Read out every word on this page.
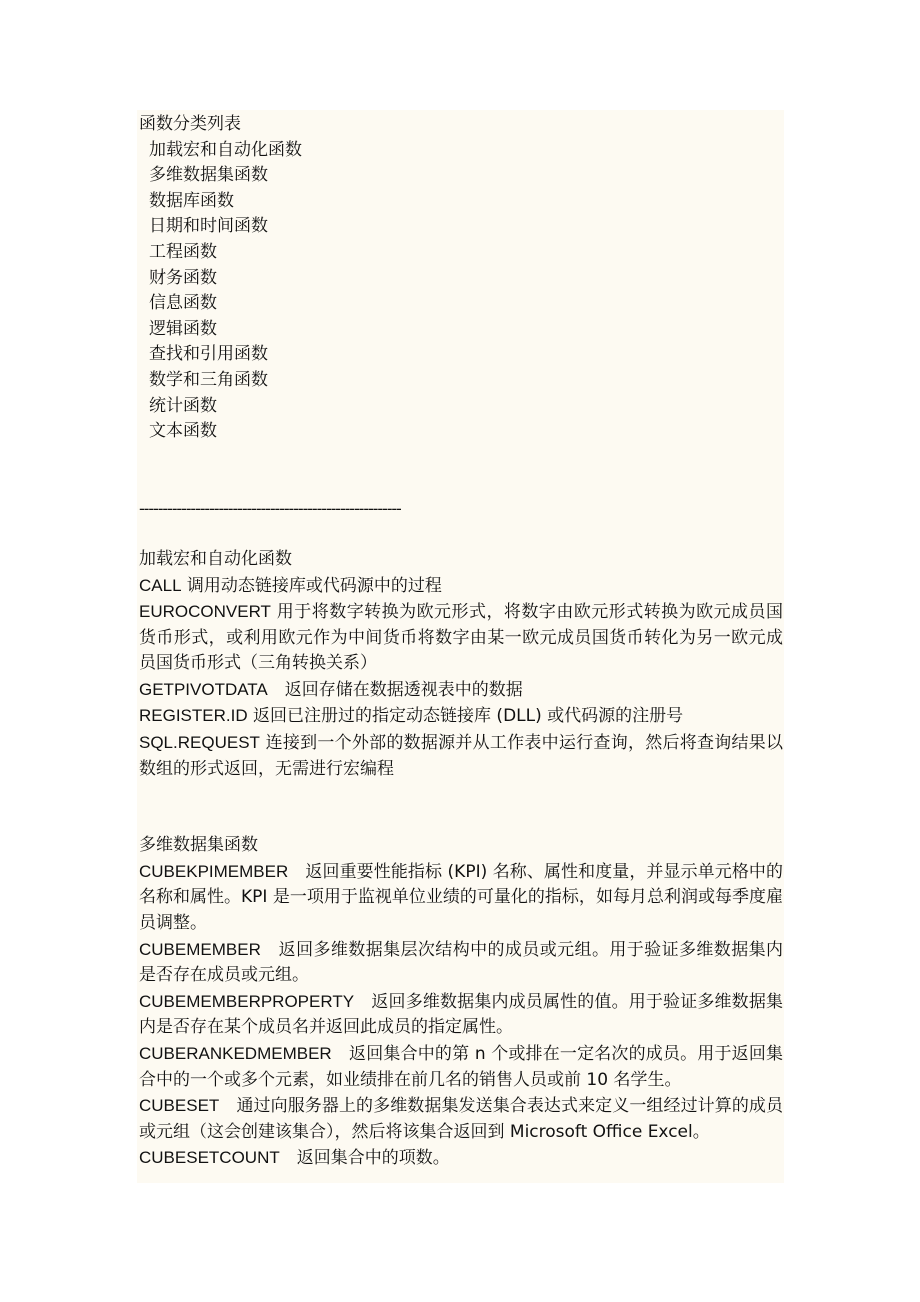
函数分类列表
加载宏和自动化函数
多维数据集函数
数据库函数
日期和时间函数
工程函数
财务函数
信息函数
逻辑函数
查找和引用函数
数学和三角函数
统计函数
文本函数
--------------------------------------------------------
加载宏和自动化函数
CALL 调用动态链接库或代码源中的过程
EUROCONVERT 用于将数字转换为欧元形式，将数字由欧元形式转换为欧元成员国货币形式，或利用欧元作为中间货币将数字由某一欧元成员国货币转化为另一欧元成员国货币形式（三角转换关系）
GETPIVOTDATA　返回存储在数据透视表中的数据
REGISTER.ID 返回已注册过的指定动态链接库 (DLL) 或代码源的注册号
SQL.REQUEST 连接到一个外部的数据源并从工作表中运行查询，然后将查询结果以数组的形式返回，无需进行宏编程
多维数据集函数
CUBEKPIMEMBER　返回重要性能指标 (KPI) 名称、属性和度量，并显示单元格中的名称和属性。KPI 是一项用于监视单位业绩的可量化的指标，如每月总利润或每季度雇员调整。
CUBEMEMBER　返回多维数据集层次结构中的成员或元组。用于验证多维数据集内是否存在成员或元组。
CUBEMEMBERPROPERTY　返回多维数据集内成员属性的值。用于验证多维数据集内是否存在某个成员名并返回此成员的指定属性。
CUBERANKEDMEMBER　返回集合中的第 n 个或排在一定名次的成员。用于返回集合中的一个或多个元素，如业绩排在前几名的销售人员或前 10 名学生。
CUBESET　通过向服务器上的多维数据集发送集合表达式来定义一组经过计算的成员或元组（这会创建该集合），然后将该集合返回到 Microsoft Office Excel。
CUBESETCOUNT　返回集合中的项数。
